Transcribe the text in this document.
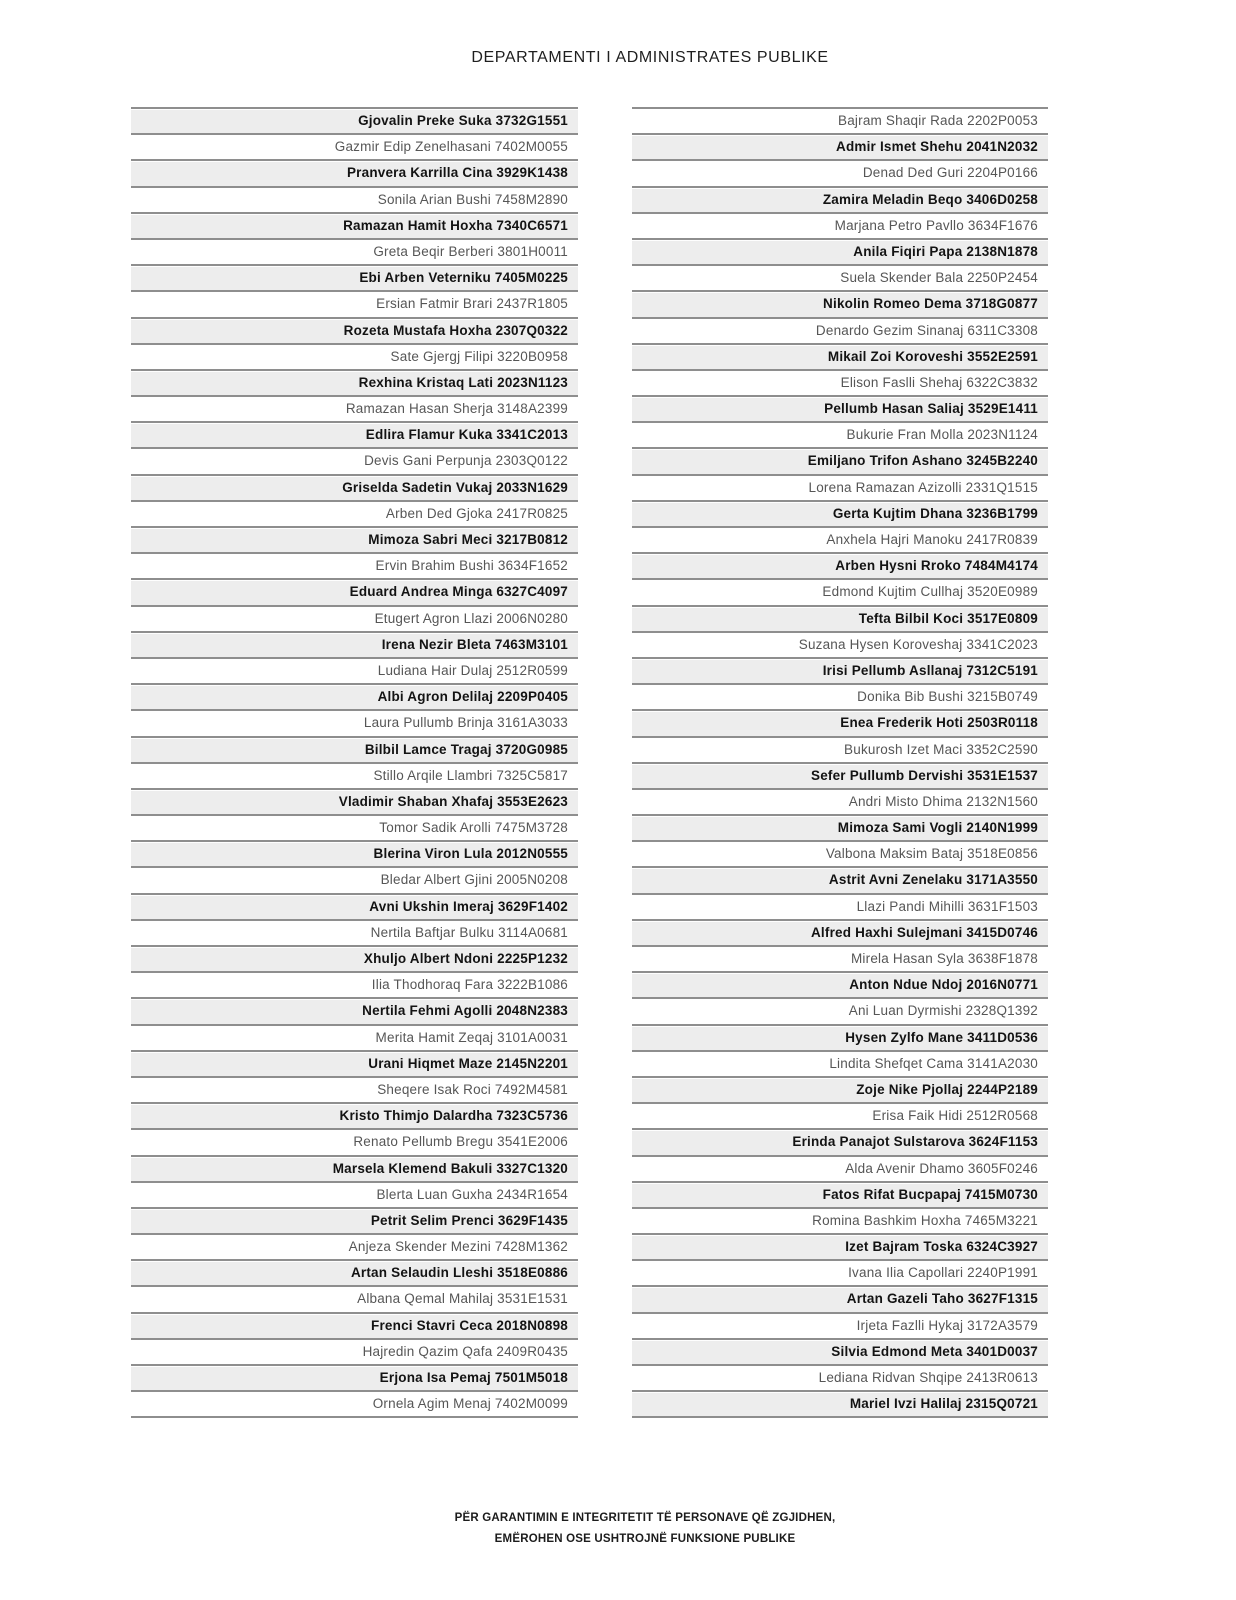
DEPARTAMENTI I ADMINISTRATES PUBLIKE
Gjovalin Preke Suka 3732G1551
Gazmir Edip Zenelhasani 7402M0055
Pranvera Karrilla Cina 3929K1438
Sonila Arian Bushi 7458M2890
Ramazan Hamit Hoxha 7340C6571
Greta Beqir Berberi 3801H0011
Ebi Arben Veterniku 7405M0225
Ersian Fatmir Brari 2437R1805
Rozeta Mustafa Hoxha 2307Q0322
Sate Gjergj Filipi 3220B0958
Rexhina Kristaq Lati 2023N1123
Ramazan Hasan Sherja 3148A2399
Edlira Flamur Kuka 3341C2013
Devis Gani Perpunja 2303Q0122
Griselda Sadetin Vukaj 2033N1629
Arben Ded Gjoka 2417R0825
Mimoza Sabri Meci 3217B0812
Ervin Brahim Bushi 3634F1652
Eduard Andrea Minga 6327C4097
Etugert Agron Llazi 2006N0280
Irena Nezir Bleta 7463M3101
Ludiana Hair Dulaj 2512R0599
Albi Agron Delilaj 2209P0405
Laura Pullumb Brinja 3161A3033
Bilbil Lamce Tragaj 3720G0985
Stillo Arqile Llambri 7325C5817
Vladimir Shaban Xhafaj 3553E2623
Tomor Sadik Arolli 7475M3728
Blerina Viron Lula 2012N0555
Bledar Albert Gjini 2005N0208
Avni Ukshin Imeraj 3629F1402
Nertila Baftjar Bulku 3114A0681
Xhuljo Albert Ndoni 2225P1232
Ilia Thodhoraq Fara 3222B1086
Nertila Fehmi Agolli 2048N2383
Merita Hamit Zeqaj 3101A0031
Urani Hiqmet Maze 2145N2201
Sheqere Isak Roci 7492M4581
Kristo Thimjo Dalardha 7323C5736
Renato Pellumb Bregu 3541E2006
Marsela Klemend Bakuli 3327C1320
Blerta Luan Guxha 2434R1654
Petrit Selim Prenci 3629F1435
Anjeza Skender Mezini 7428M1362
Artan Selaudin Lleshi 3518E0886
Albana Qemal Mahilaj 3531E1531
Frenci Stavri Ceca 2018N0898
Hajredin Qazim Qafa 2409R0435
Erjona Isa Pemaj 7501M5018
Ornela Agim Menaj 7402M0099
Bajram Shaqir Rada 2202P0053
Admir Ismet Shehu 2041N2032
Denad Ded Guri 2204P0166
Zamira Meladin Beqo 3406D0258
Marjana Petro Pavllo 3634F1676
Anila Fiqiri Papa 2138N1878
Suela Skender Bala 2250P2454
Nikolin Romeo Dema 3718G0877
Denardo Gezim Sinanaj 6311C3308
Mikail Zoi Koroveshi 3552E2591
Elison Faslli Shehaj 6322C3832
Pellumb Hasan Saliaj 3529E1411
Bukurie Fran Molla 2023N1124
Emiljano Trifon Ashano 3245B2240
Lorena Ramazan Azizolli 2331Q1515
Gerta Kujtim Dhana 3236B1799
Anxhela Hajri Manoku 2417R0839
Arben Hysni Rroko 7484M4174
Edmond Kujtim Cullhaj 3520E0989
Tefta Bilbil Koci 3517E0809
Suzana Hysen Koroveshaj 3341C2023
Irisi Pellumb Asllanaj 7312C5191
Donika Bib Bushi 3215B0749
Enea Frederik Hoti 2503R0118
Bukurosh Izet Maci 3352C2590
Sefer Pullumb Dervishi 3531E1537
Andri Misto Dhima 2132N1560
Mimoza Sami Vogli 2140N1999
Valbona Maksim Bataj 3518E0856
Astrit Avni Zenelaku 3171A3550
Llazi Pandi Mihilli 3631F1503
Alfred Haxhi Sulejmani 3415D0746
Mirela Hasan Syla 3638F1878
Anton Ndue Ndoj 2016N0771
Ani Luan Dyrmishi 2328Q1392
Hysen Zylfo Mane 3411D0536
Lindita Shefqet Cama 3141A2030
Zoje Nike Pjollaj 2244P2189
Erisa Faik Hidi 2512R0568
Erinda Panajot Sulstarova 3624F1153
Alda Avenir Dhamo 3605F0246
Fatos Rifat Bucpapaj 7415M0730
Romina Bashkim Hoxha 7465M3221
Izet Bajram Toska 6324C3927
Ivana Ilia Capollari 2240P1991
Artan Gazeli Taho 3627F1315
Irjeta Fazlli Hykaj 3172A3579
Silvia Edmond Meta 3401D0037
Lediana Ridvan Shqipe 2413R0613
Mariel Ivzi Halilaj 2315Q0721
PËR GARANTIMIN E INTEGRITETIT TË PERSONAVE QË ZGJIDHEN,
EMËROHEN OSE USHTROJNË FUNKSIONE PUBLIKE
